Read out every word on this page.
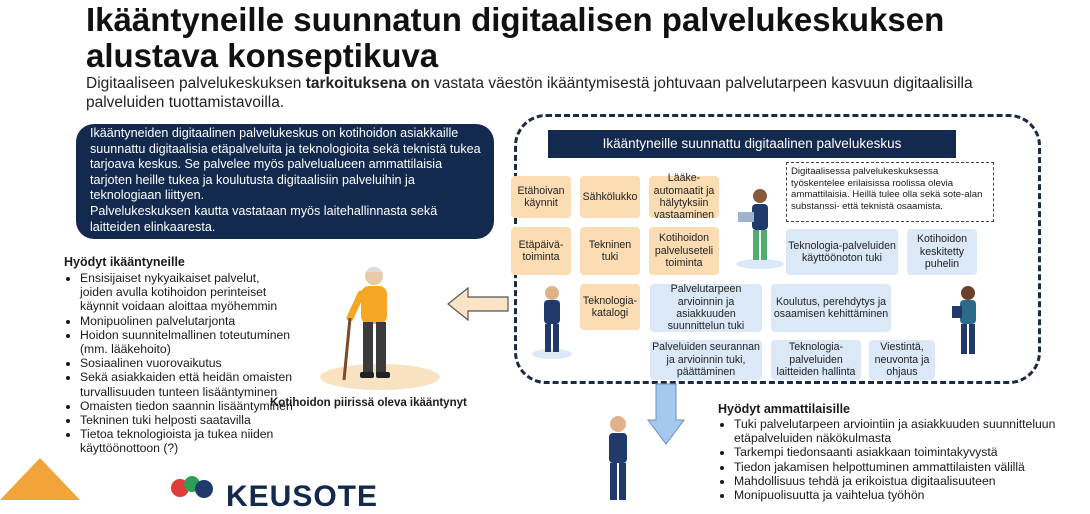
Ikääntyneille suunnatun digitaalisen palvelukeskuksen alustava konseptikuva
Digitaaliseen palvelukeskuksen tarkoituksena on vastata väestön ikääntymisestä johtuvaan palvelutarpeen kasvuun digitaalisilla palveluiden tuottamistavoilla.

Ikääntyneiden digitaalinen palvelukeskus on kotihoidon asiakkaille suunnattu digitaalisia etäpalveluita ja teknologioita sekä teknistä tukea tarjoava keskus. Se palvelee myös palvelualueen ammattilaisia tarjoten heille tukea ja koulutusta digitaalisiin palveluihin ja teknologiaan liittyen.

Palvelukeskuksen kautta vastataan myös laitehallinnasta sekä laitteiden elinkaaresta.

Hyödyt ikääntyneille
• Ensisijaiset nykyaikaiset palvelut, joiden avulla kotihoidon perinteiset käynnit voidaan aloittaa myöhemmin
• Monipuolinen palvelutarjonta
• Hoidon suunnitelmallinen toteutuminen (mm. lääkehoito)
• Sosiaalinen vuorovaikutus
• Sekä asiakkaiden että heidän omaisten turvallisuuden tunteen lisääntyminen
• Omaisten tiedon saannin lisääntyminen
• Tekninen tuki helposti saatavilla
• Tietoa teknologioista ja tukea niiden käyttöönottoon (?)
Kotihoidon piirissä oleva ikääntynyt
Ikääntyneille suunnattu digitaalinen palvelukeskus
Etähoivan käynnit
Sähkölukko
Lääke-automaatit ja hälytyksiin vastaaminen
Etäpäivä-toiminta
Tekninen tuki
Kotihoidon palveluseteli toiminta
Teknologia-katalogi
Teknologia-palveluiden käyttöönoton tuki
Kotihoidon keskitetty puhelin
Palvelutarpeen arvioinnin ja asiakkuuden suunnittelun tuki
Koulutus, perehdytys ja osaamisen kehittäminen
Palveluiden seurannan ja arvioinnin tuki, päättäminen
Teknologia-palveluiden laitteiden hallinta
Viestintä, neuvonta ja ohjaus
Digitaalisessa palvelukeskuksessa työskentelee erilaisissa roolissa olevia ammattilaisia. Heillä tulee olla sekä sote-alan substanssi- että teknistä osaamista.
Hyödyt ammattilaisille
• Tuki palvelutarpeen arviointiin ja asiakkuuden suunnitteluun etäpalveluiden näkökulmasta
• Tarkempi tiedonsaanti asiakkaan toimintakyvystä
• Tiedon jakamisen helpottuminen ammattilaisten välillä
• Mahdollisuus tehdä ja erikoistua digitaalisuuteen
• Monipuolisuutta ja vaihtelua työhön
KEUSOTE
